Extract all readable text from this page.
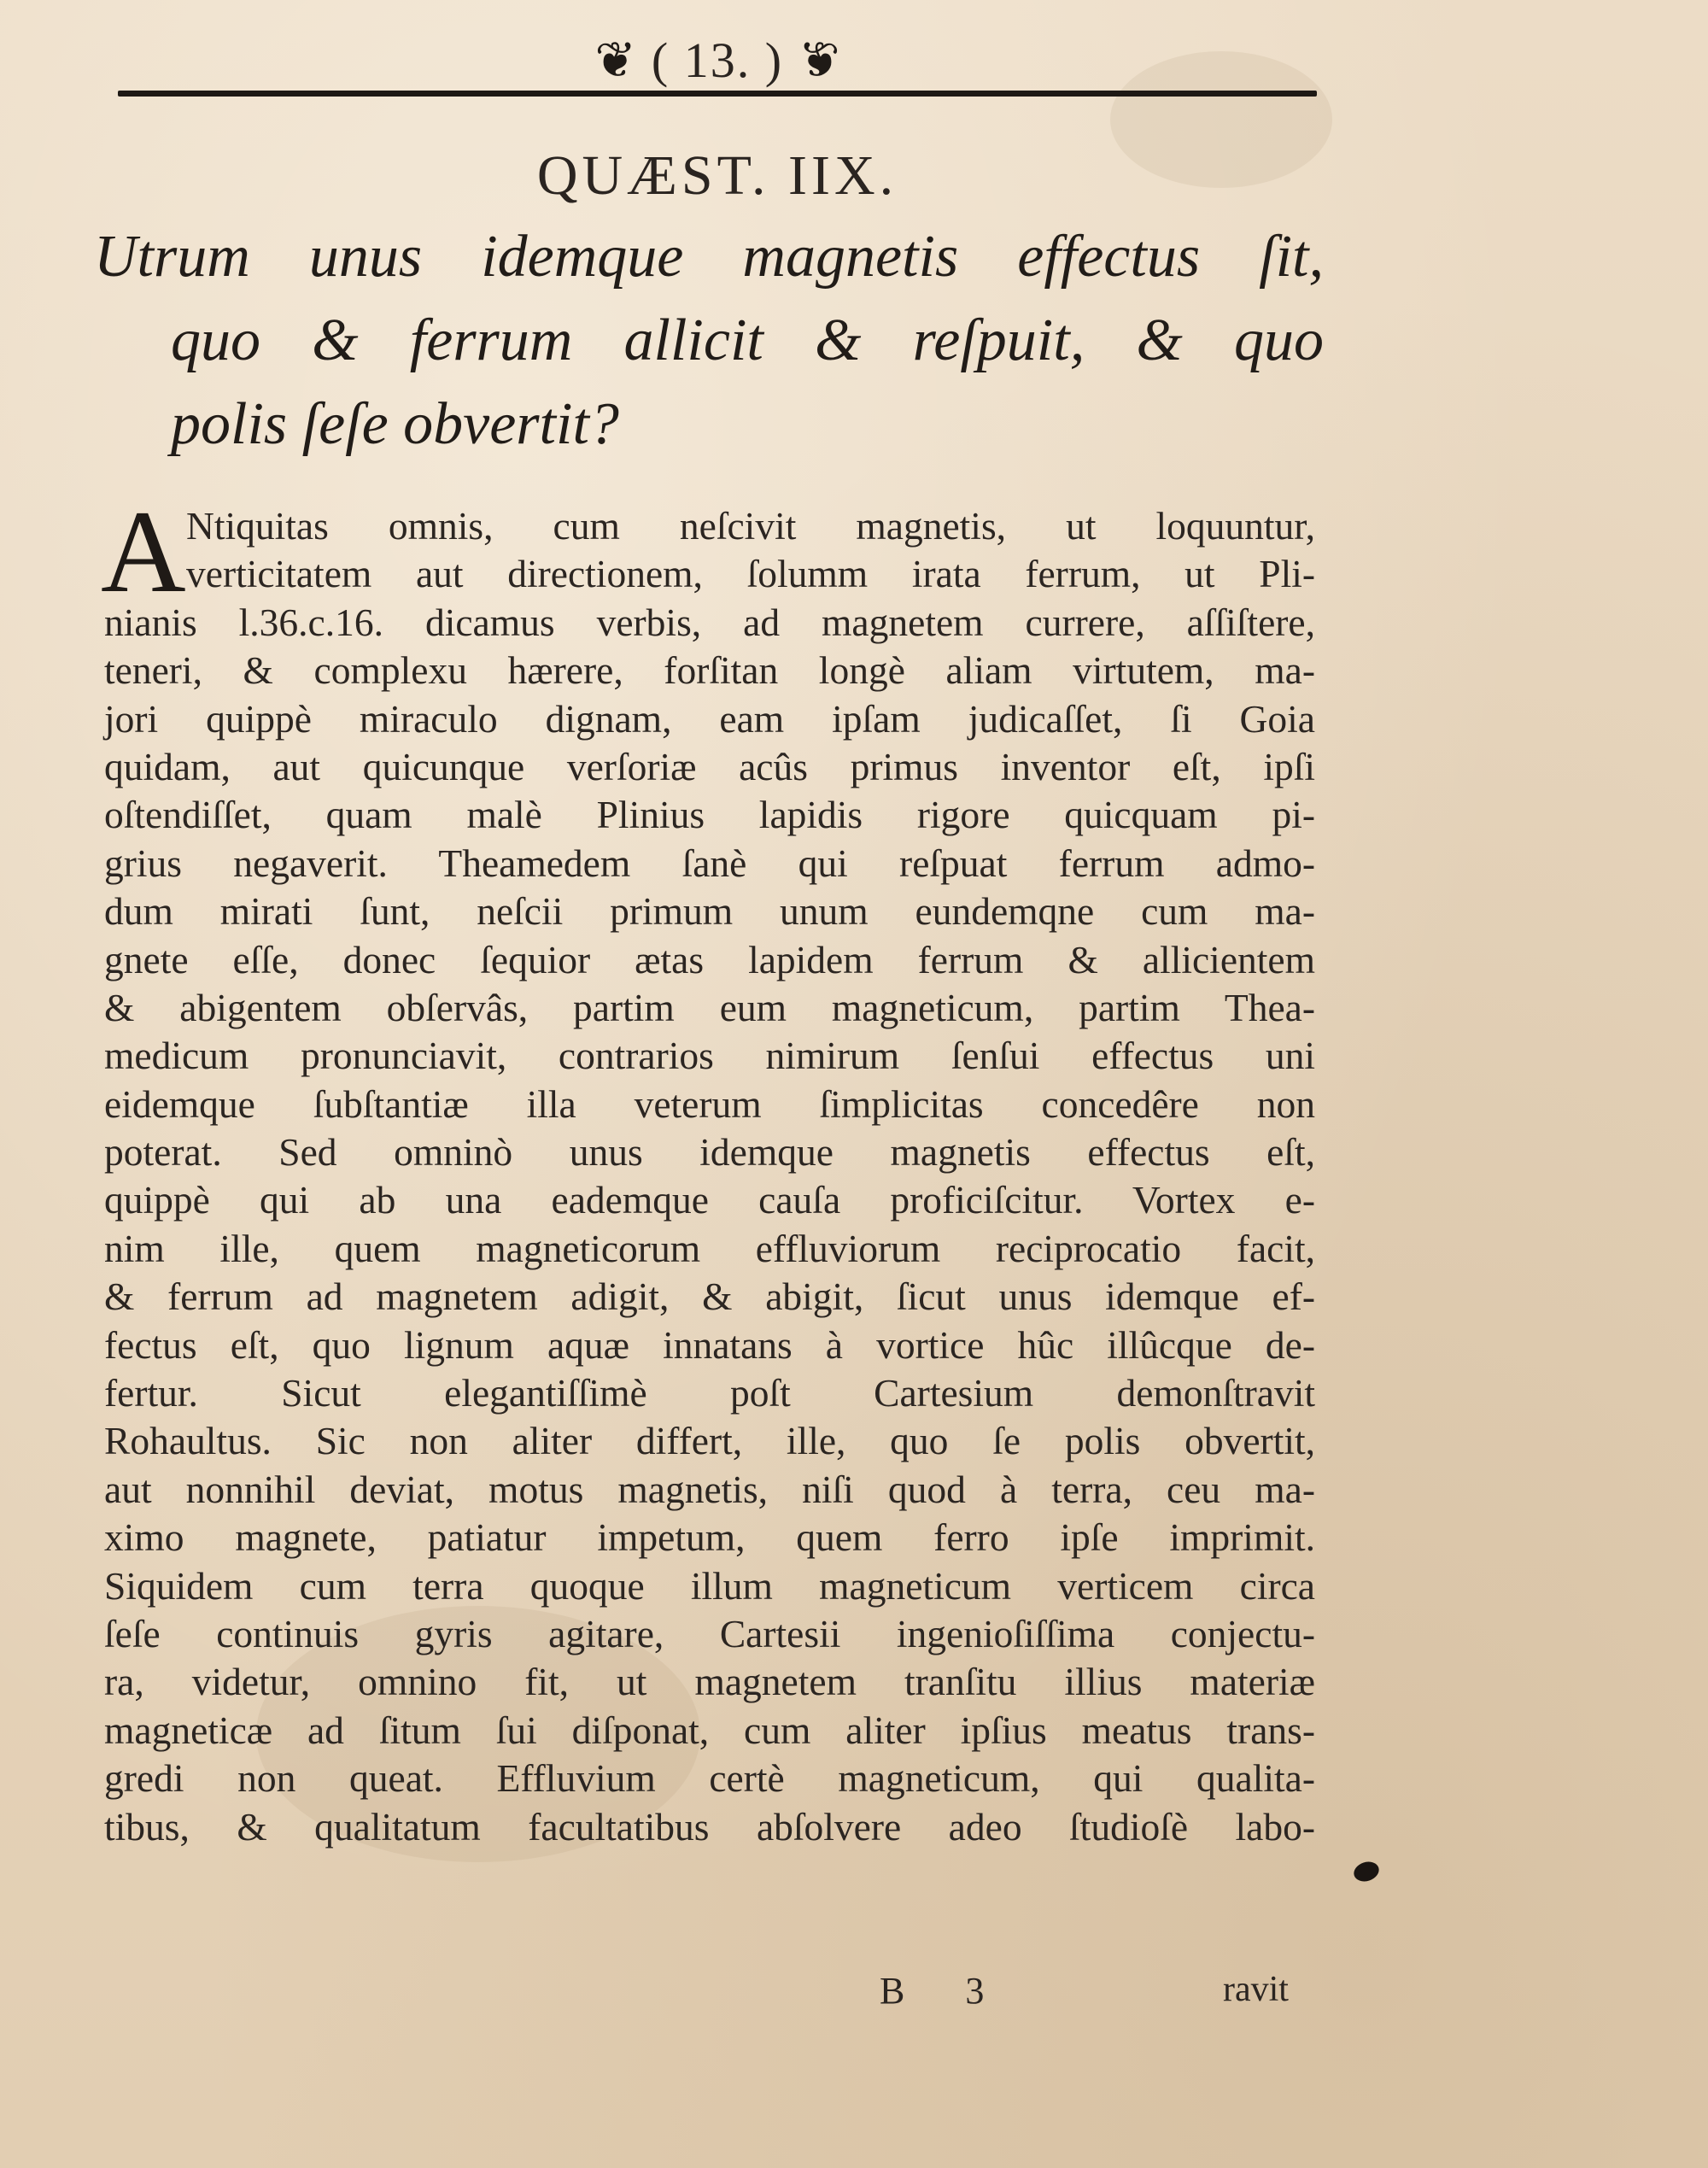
❦ ( 13. ) ❦
QUÆST. IIX.
Utrum unus idemque magnetis effectus ſit,
quo & ferrum allicit & reſpuit, & quo
polis ſeſe obvertit?
A Ntiquitas omnis, cum neſcivit magnetis, ut loquuntur,
verticitatem aut directionem, ſolumm irata ferrum, ut Pli-
nianis l.36.c.16. dicamus verbis, ad magnetem currere, aſſiſtere,
teneri, & complexu hærere, forſitan longè aliam virtutem, ma-
jori quippè miraculo dignam, eam ipſam judicaſſet, ſi Goia
quidam, aut quicunque verſoriæ acûs primus inventor eſt, ipſi
oſtendiſſet, quam malè Plinius lapidis rigore quicquam pi-
grius negaverit. Theamedem ſanè qui reſpuat ferrum admo-
dum mirati ſunt, neſcii primum unum eundemqne cum ma-
gnete eſſe, donec ſequior ætas lapidem ferrum & allicientem
& abigentem obſervâs, partim eum magneticum, partim Thea-
medicum pronunciavit, contrarios nimirum ſenſui effectus uni
eidemque ſubſtantiæ illa veterum ſimplicitas concedêre non
poterat. Sed omninò unus idemque magnetis effectus eſt,
quippè qui ab una eademque cauſa proficiſcitur. Vortex e-
nim ille, quem magneticorum effluviorum reciprocatio facit,
& ferrum ad magnetem adigit, & abigit, ſicut unus idemque ef-
fectus eſt, quo lignum aquæ innatans à vortice hûc illûcque de-
fertur. Sicut elegantiſſimè poſt Cartesium demonſtravit
Rohaultus. Sic non aliter differt, ille, quo ſe polis obvertit,
aut nonnihil deviat, motus magnetis, niſi quod à terra, ceu ma-
ximo magnete, patiatur impetum, quem ferro ipſe imprimit.
Siquidem cum terra quoque illum magneticum verticem circa
ſeſe continuis gyris agitare, Cartesii ingenioſiſſima conjectu-
ra, videtur, omnino fit, ut magnetem tranſitu illius materiæ
magneticæ ad ſitum ſui diſponat, cum aliter ipſius meatus trans-
gredi non queat. Effluvium certè magneticum, qui qualita-
tibus, & qualitatum facultatibus abſolvere adeo ſtudioſè labo-
B 3	ravit
